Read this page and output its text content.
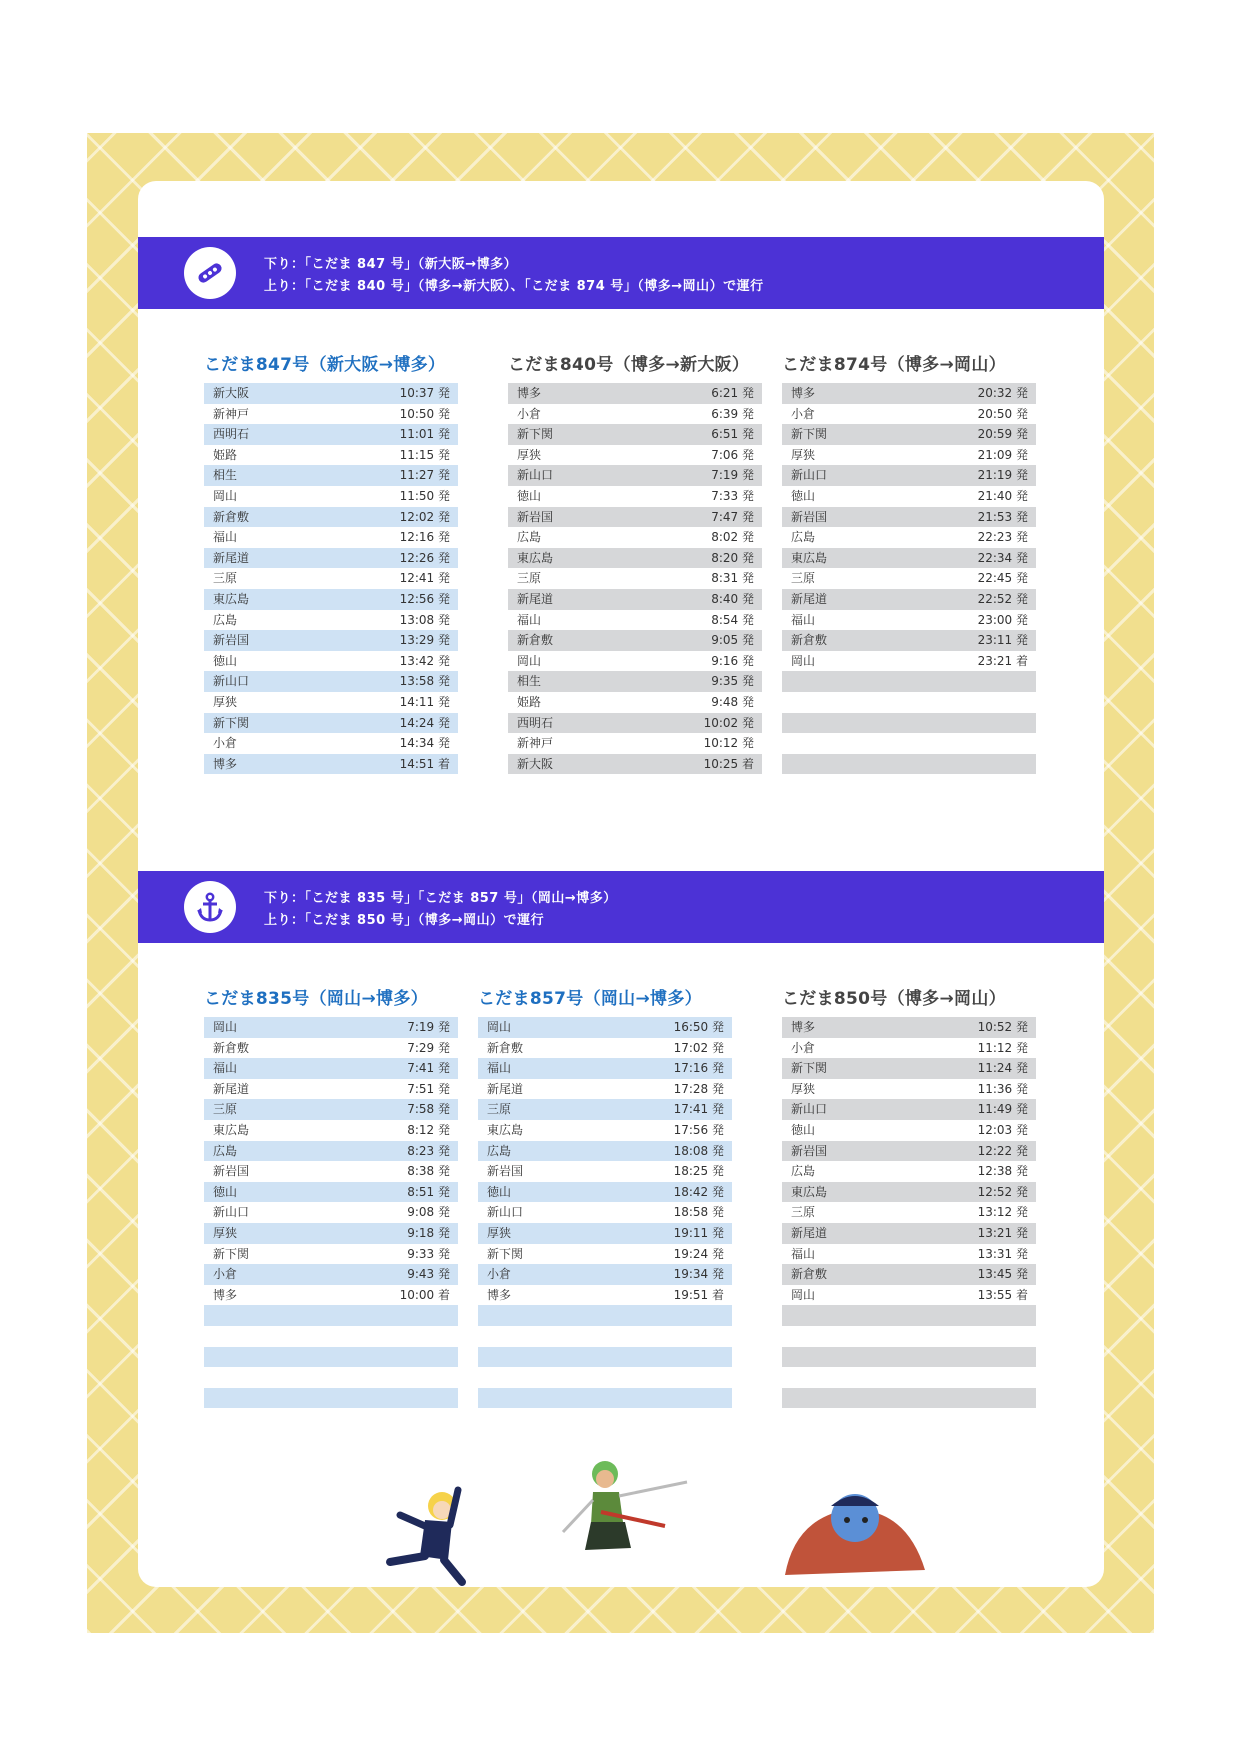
下り：「こだま 847 号」（新大阪→博多）
上り：「こだま 840 号」（博多→新大阪）、「こだま 874 号」（博多→岡山）で運行
下り：「こだま 835 号」「こだま 857 号」（岡山→博多）
上り：「こだま 850 号」（博多→岡山）で運行
こだま847号（新大阪→博多）	こだま840号（博多→新大阪） こだま874号（博多→岡山）
こだま835号（岡山→博多）	こだま857号（岡山→博多）	こだま850号（博多→岡山）
新大阪	10:37 発
新神戸	10:50 発
西明石	11:01 発
姫路	11:15 発
相生	11:27 発
岡山	11:50 発
新倉敷	12:02 発
福山	12:16 発
新尾道	12:26 発
三原	12:41 発
東広島	12:56 発
広島	13:08 発
新岩国	13:29 発
徳山	13:42 発
新山口	13:58 発
厚狭	14:11 発
新下関	14:24 発
小倉	14:34 発
博多	14:51 着
博多	6:21 発
小倉	6:39 発
新下関	6:51 発
厚狭	7:06 発
新山口	7:19 発
徳山	7:33 発
新岩国	7:47 発
広島	8:02 発
東広島	8:20 発
三原	8:31 発
新尾道	8:40 発
福山	8:54 発
新倉敷	9:05 発
岡山	9:16 発
相生	9:35 発
姫路	9:48 発
西明石	10:02 発
新神戸	10:12 発
新大阪	10:25 着
博多	20:32 発
小倉	20:50 発
新下関	20:59 発
厚狭	21:09 発
新山口	21:19 発
徳山	21:40 発
新岩国	21:53 発
広島	22:23 発
東広島	22:34 発
三原	22:45 発
新尾道	22:52 発
福山	23:00 発
新倉敷	23:11 発
岡山	23:21 着
岡山	7:19 発
新倉敷	7:29 発
福山	7:41 発
新尾道	7:51 発
三原	7:58 発
東広島	8:12 発
広島	8:23 発
新岩国	8:38 発
徳山	8:51 発
新山口	9:08 発
厚狭	9:18 発
新下関	9:33 発
小倉	9:43 発
博多	10:00 着
岡山	16:50 発
新倉敷	17:02 発
福山	17:16 発
新尾道	17:28 発
三原	17:41 発
東広島	17:56 発
広島	18:08 発
新岩国	18:25 発
徳山	18:42 発
新山口	18:58 発
厚狭	19:11 発
新下関	19:24 発
小倉	19:34 発
博多	19:51 着
博多	10:52 発
小倉	11:12 発
新下関	11:24 発
厚狭	11:36 発
新山口	11:49 発
徳山	12:03 発
新岩国	12:22 発
広島	12:38 発
東広島	12:52 発
三原	13:12 発
新尾道	13:21 発
福山	13:31 発
新倉敷	13:45 発
岡山	13:55 着
